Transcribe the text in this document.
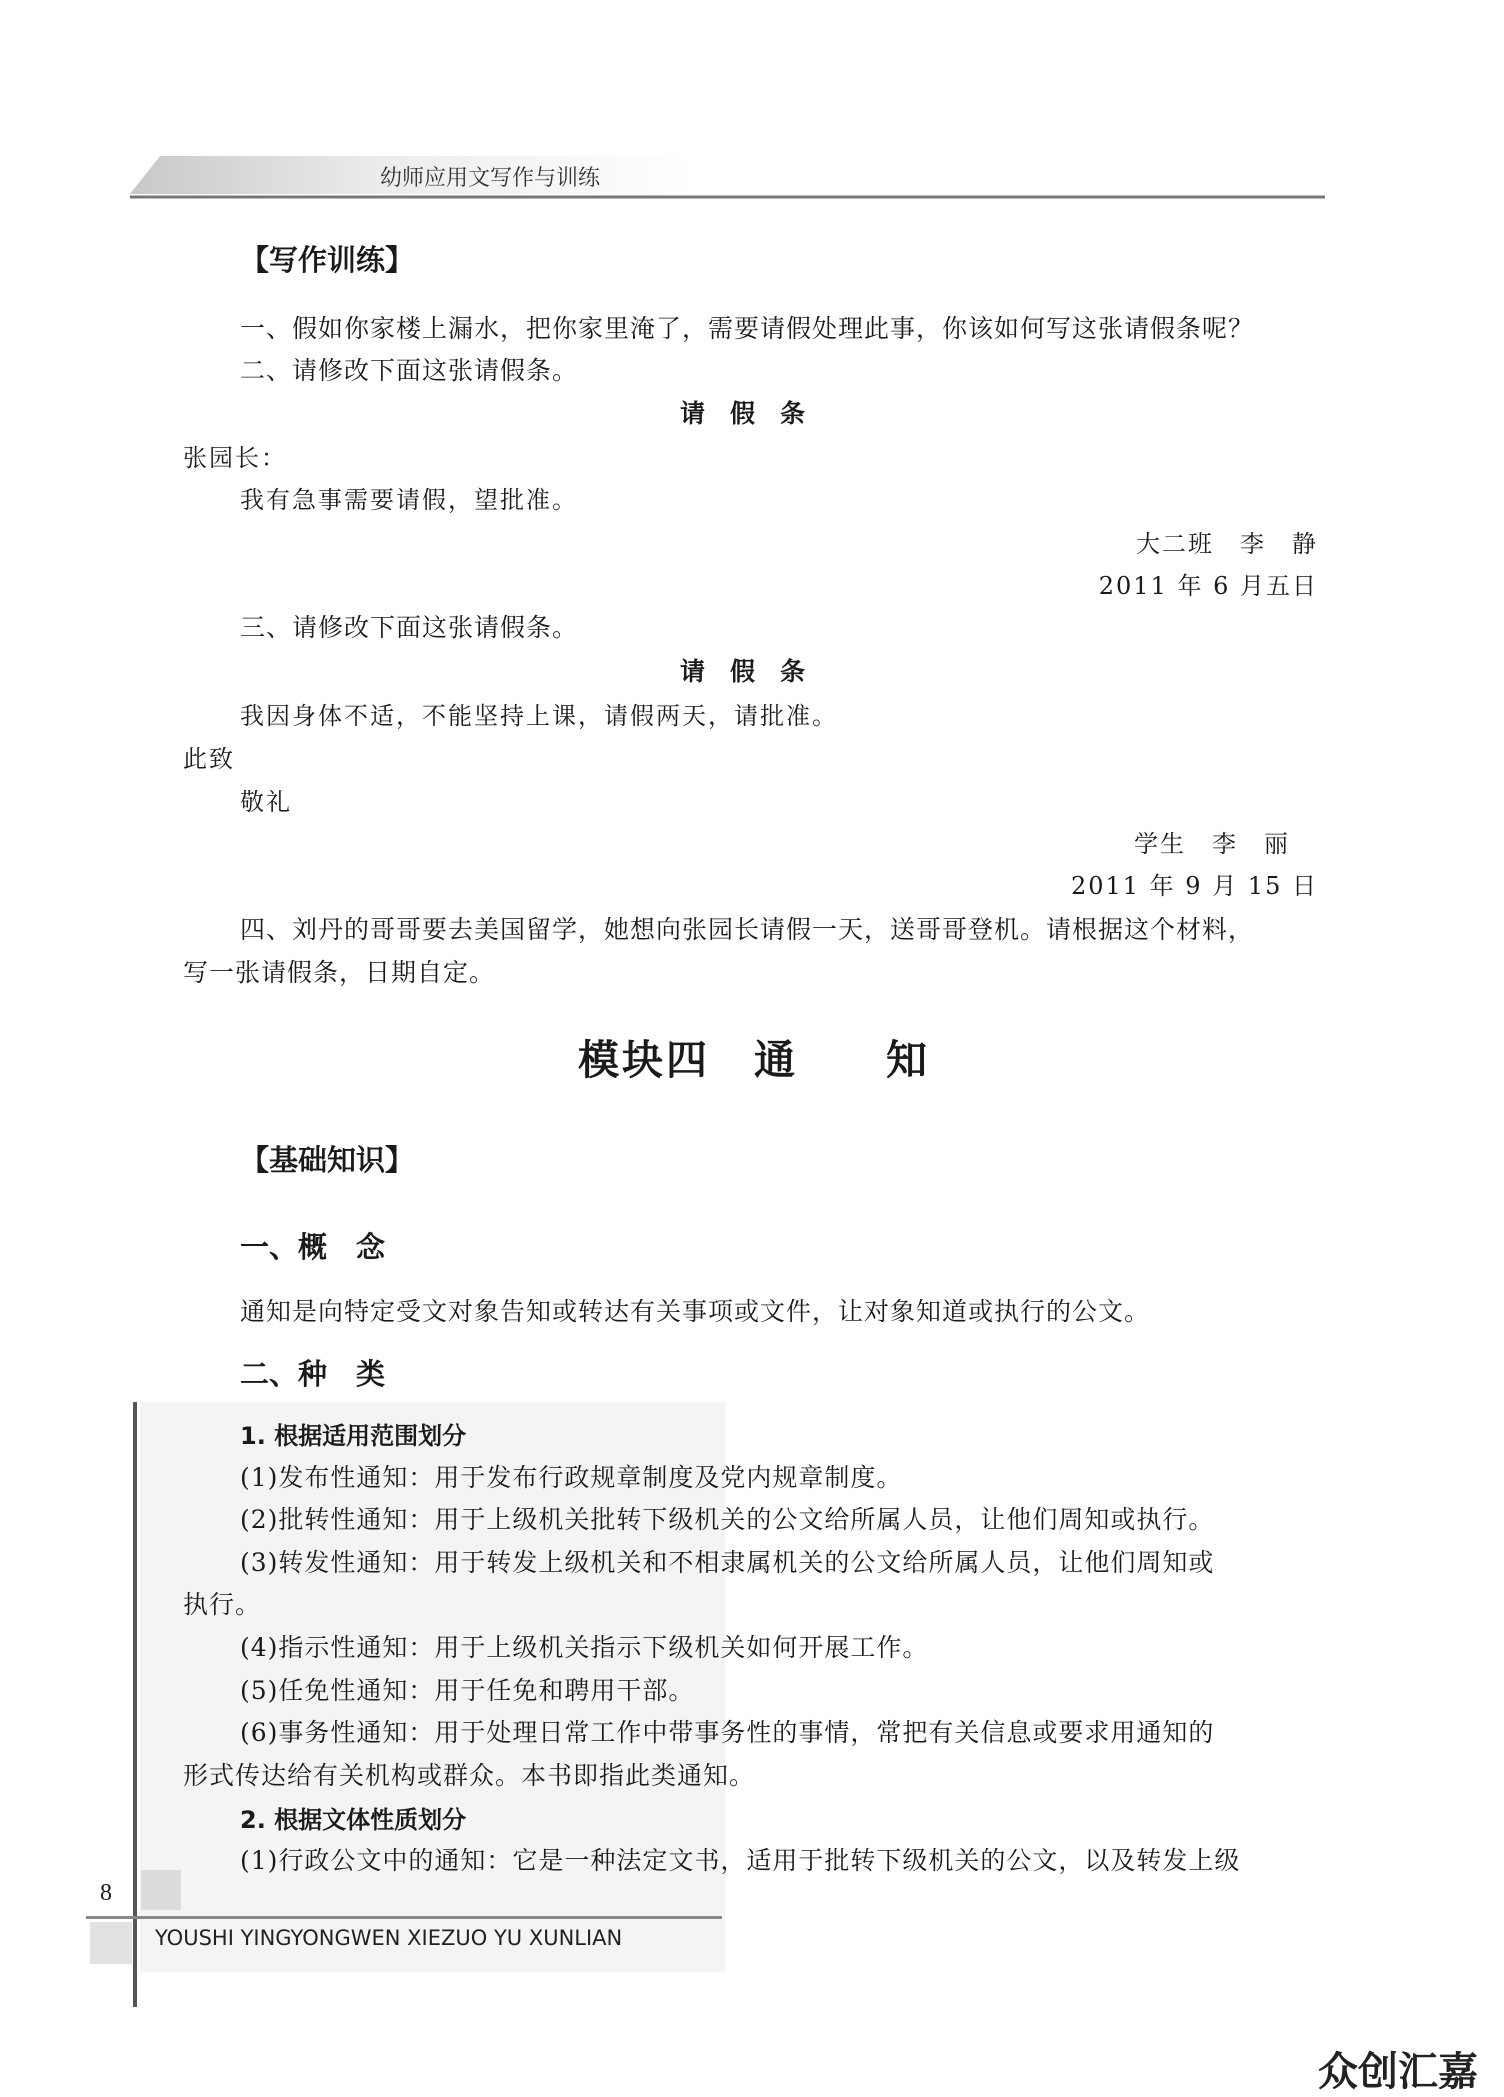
幼师应用文写作与训练
【写作训练】
一、假如你家楼上漏水，把你家里淹了，需要请假处理此事，你该如何写这张请假条呢？
二、请修改下面这张请假条。
请　假　条
张园长：
我有急事需要请假，望批准。
大二班　李　静
2011 年 6 月五日
三、请修改下面这张请假条。
请　假　条
我因身体不适，不能坚持上课，请假两天，请批准。
此致
敬礼
学生　李　丽
2011 年 9 月 15 日
四、刘丹的哥哥要去美国留学，她想向张园长请假一天，送哥哥登机。请根据这个材料，
写一张请假条，日期自定。
模块四　通　　知
【基础知识】
一、概　念
通知是向特定受文对象告知或转达有关事项或文件，让对象知道或执行的公文。
二、种　类
1. 根据适用范围划分
(1)发布性通知：用于发布行政规章制度及党内规章制度。
(2)批转性通知：用于上级机关批转下级机关的公文给所属人员，让他们周知或执行。
(3)转发性通知：用于转发上级机关和不相隶属机关的公文给所属人员，让他们周知或
执行。
(4)指示性通知：用于上级机关指示下级机关如何开展工作。
(5)任免性通知：用于任免和聘用干部。
(6)事务性通知：用于处理日常工作中带事务性的事情，常把有关信息或要求用通知的
形式传达给有关机构或群众。本书即指此类通知。
2. 根据文体性质划分
(1)行政公文中的通知：它是一种法定文书，适用于批转下级机关的公文，以及转发上级
8
YOUSHI YINGYONGWEN XIEZUO YU XUNLIAN
众创汇嘉
